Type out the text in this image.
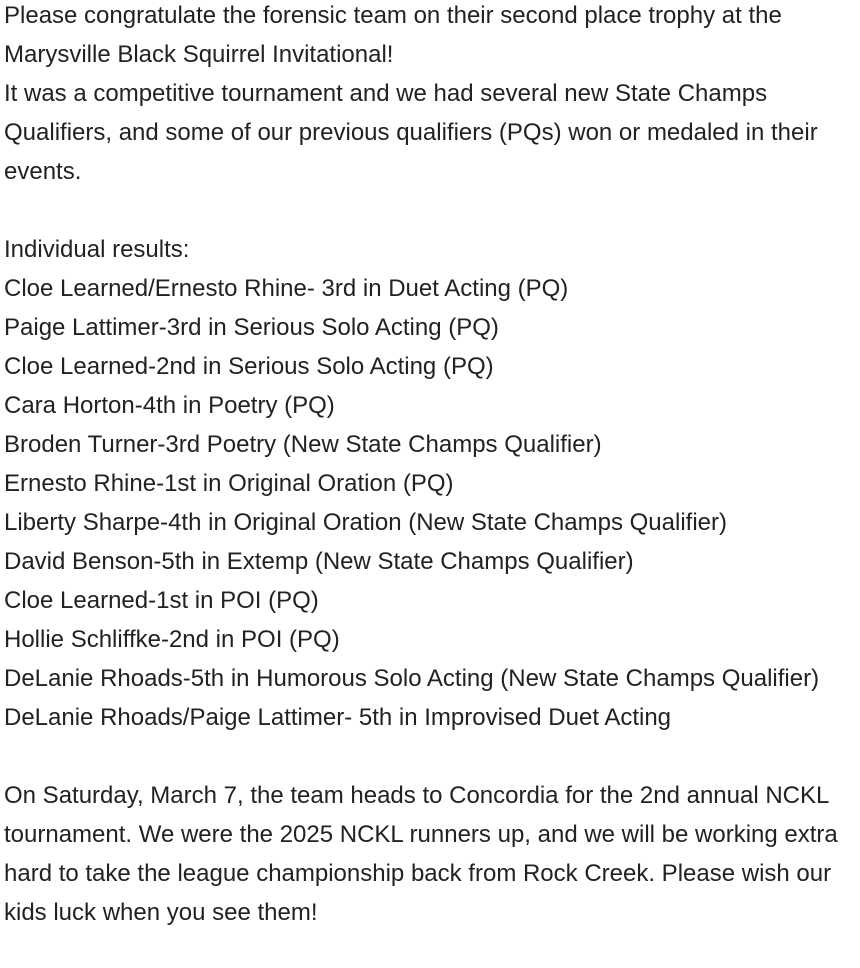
Please congratulate the forensic team on their second place trophy at the Marysville Black Squirrel Invitational!

It was a competitive tournament and we had several new State Champs Qualifiers, and some of our previous qualifiers (PQs) won or medaled in their events.

Individual results:

Cloe Learned/Ernesto Rhine- 3rd in Duet Acting (PQ)

Paige Lattimer-3rd in Serious Solo Acting (PQ)

Cloe Learned-2nd in Serious Solo Acting (PQ)

Cara Horton-4th in Poetry (PQ)

Broden Turner-3rd Poetry (New State Champs Qualifier)

Ernesto Rhine-1st in Original Oration (PQ)

Liberty Sharpe-4th in Original Oration (New State Champs Qualifier)

David Benson-5th in Extemp (New State Champs Qualifier)

Cloe Learned-1st in POI (PQ)

Hollie Schliffke-2nd in POI (PQ)

DeLanie Rhoads-5th in Humorous Solo Acting (New State Champs Qualifier)

DeLanie Rhoads/Paige Lattimer- 5th in Improvised Duet Acting

On Saturday, March 7, the team heads to Concordia for the 2nd annual NCKL tournament. We were the 2025 NCKL runners up, and we will be working extra hard to take the league championship back from Rock Creek. Please wish our kids luck when you see them!
